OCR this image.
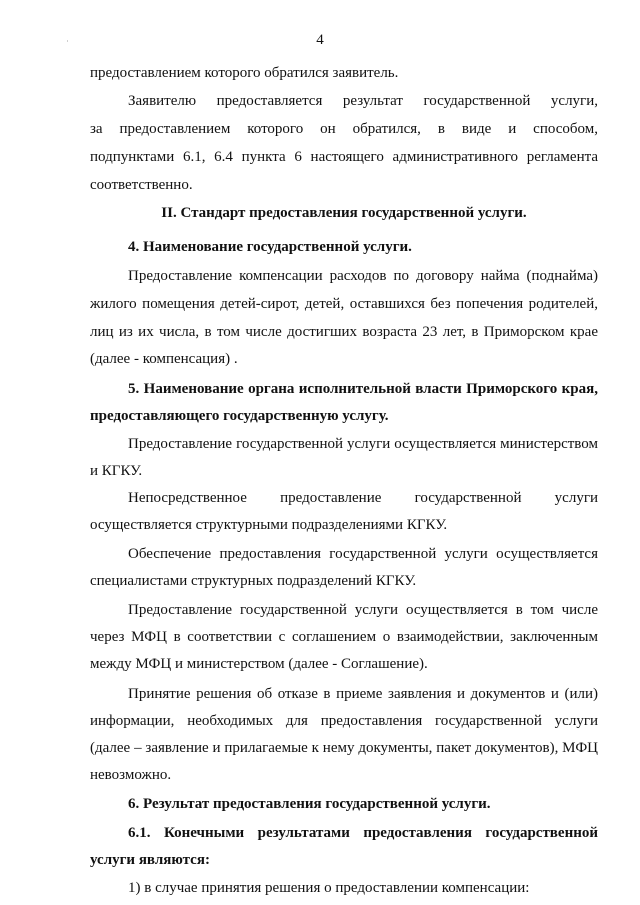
4
предоставлением которого обратился заявитель.
Заявителю предоставляется результат государственной услуги,
за предоставлением которого он обратился, в виде и способом,
подпунктами 6.1, 6.4 пункта 6 настоящего административного регламента
соответственно.
II. Стандарт предоставления государственной услуги.
4. Наименование государственной услуги.
Предоставление компенсации расходов по договору найма (поднайма)
жилого помещения детей-сирот, детей, оставшихся без попечения родителей,
лиц из их числа, в том числе достигших возраста 23 лет, в Приморском крае
(далее - компенсация) .
5. Наименование органа исполнительной власти Приморского края,
предоставляющего государственную услугу.
Предоставление государственной услуги осуществляется министерством
и КГКУ.
Непосредственное предоставление государственной услуги
осуществляется структурными подразделениями КГКУ.
Обеспечение предоставления государственной услуги осуществляется
специалистами структурных подразделений КГКУ.
Предоставление государственной услуги осуществляется в том числе
через МФЦ в соответствии с соглашением о взаимодействии, заключенным
между МФЦ и министерством (далее - Соглашение).
Принятие решения об отказе в приеме заявления и документов и (или)
информации, необходимых для предоставления государственной услуги
(далее – заявление и прилагаемые к нему документы, пакет документов), МФЦ
невозможно.
6. Результат предоставления государственной услуги.
6.1. Конечными результатами предоставления государственной
услуги являются:
1) в случае принятия решения о предоставлении компенсации:
